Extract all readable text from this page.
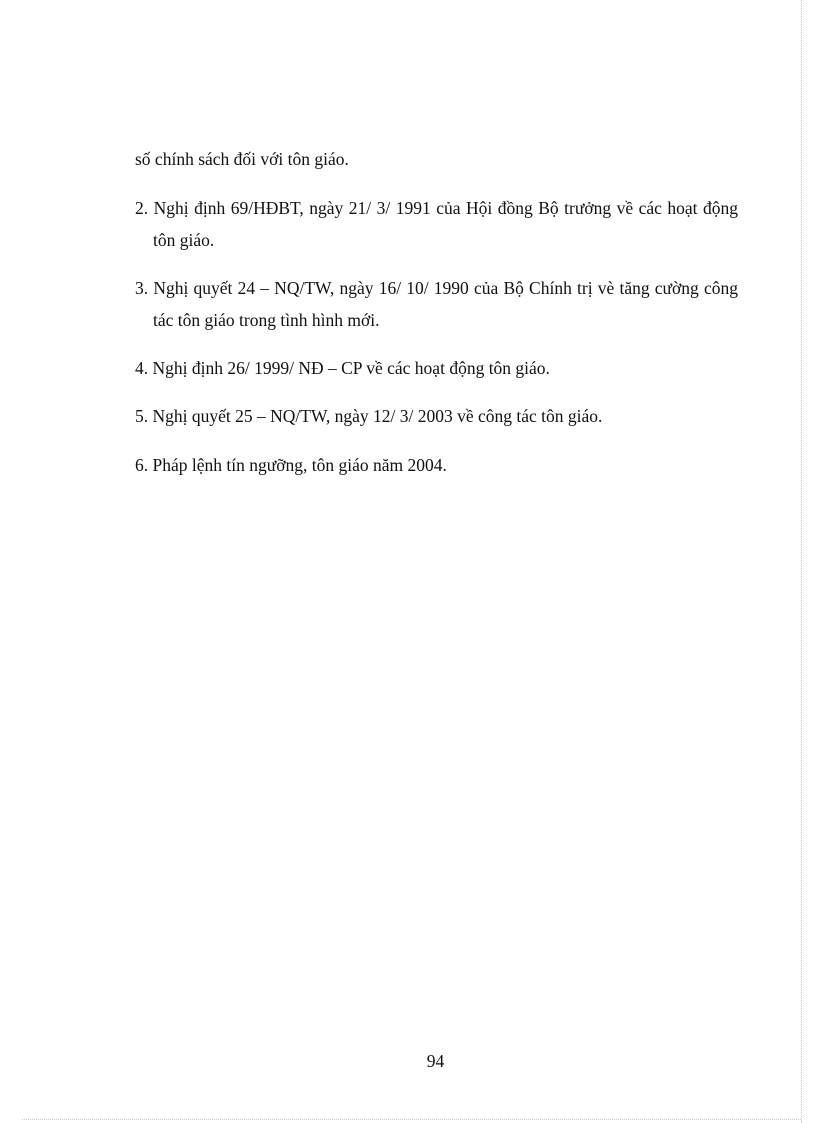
số chính sách đối với tôn giáo.

2. Nghị định 69/HĐBT, ngày 21/ 3/ 1991 của Hội đồng Bộ trưởng về các hoạt động tôn giáo.

3. Nghị quyết 24 – NQ/TW, ngày 16/ 10/ 1990 của Bộ Chính trị vè tăng cường công tác tôn giáo trong tình hình mới.

4. Nghị định 26/ 1999/ NĐ – CP về các hoạt động tôn giáo.

5. Nghị quyết 25 – NQ/TW, ngày 12/ 3/ 2003 về công tác tôn giáo.

6. Pháp lệnh tín ngưỡng, tôn giáo năm 2004.

94
